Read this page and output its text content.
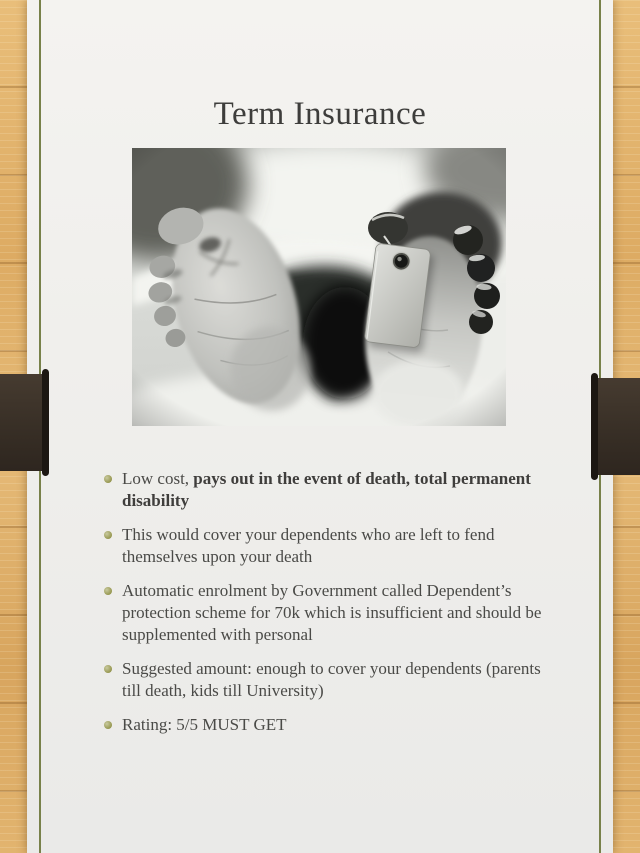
Term Insurance
Low cost, pays out in the event of death, total permanent disability
This would cover your dependents who are left to fend themselves upon your death
Automatic enrolment by Government called Dependent’s protection scheme for 70k which is insufficient and should be supplemented with personal
Suggested amount: enough to cover your dependents (parents till death, kids till University)
Rating: 5/5 MUST GET
